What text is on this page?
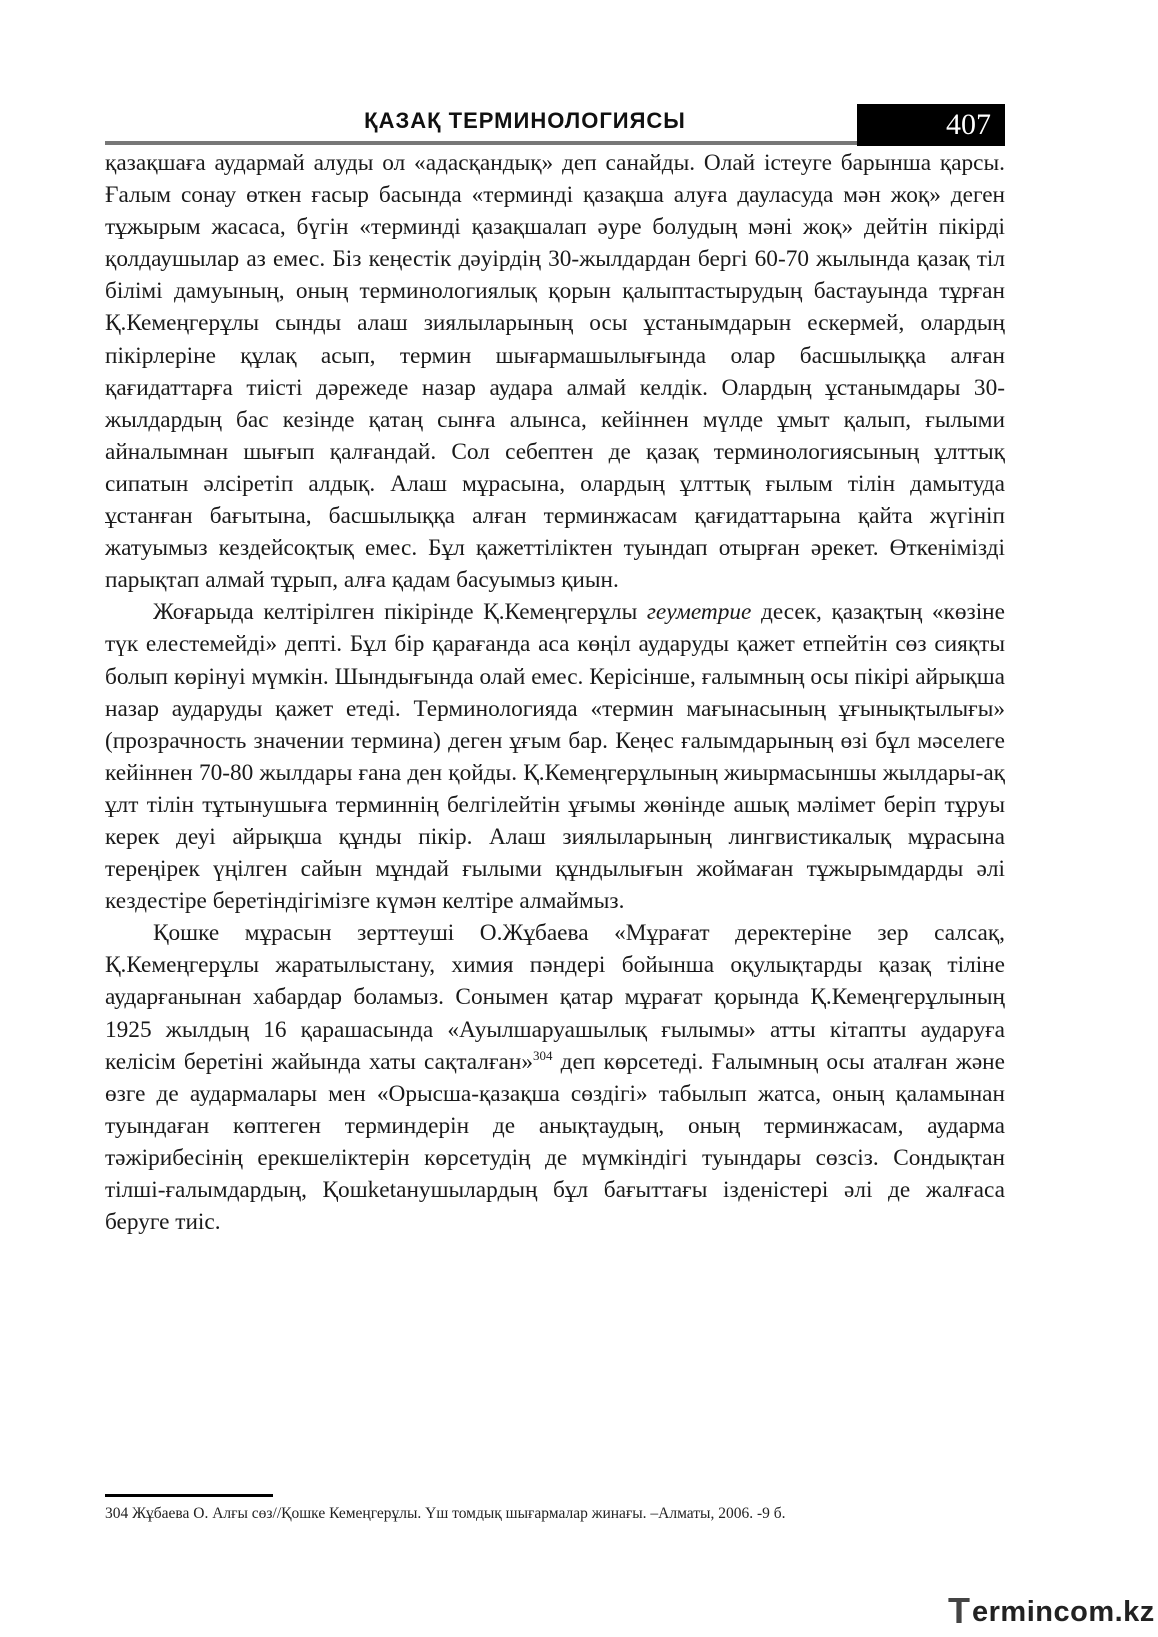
ҚАЗАҚ ТЕРМИНОЛОГИЯСЫ	407

қазақшаға аудармай алуды ол «адасқандық» деп санайды. Олай істеуге барынша қарсы. Ғалым сонау өткен ғасыр басында «терминді қазақша алуға дауласуда мән жоқ» деген тұжырым жасаса, бүгін «терминді қазақшалап әуре болудың мәні жоқ» дейтін пікірді қолдаушылар аз емес. Біз кеңестік дәуірдің 30-жылдардан бергі 60-70 жылында қазақ тіл білімі дамуының, оның терминологиялық қорын қалыптастырудың бастауында тұрған Қ.Кемеңгерұлы сынды алаш зиялыларының осы ұстанымдарын ескермей, олардың пікірлеріне құлақ асып, термин шығармашылығында олар басшылыққа алған қағидаттарға тиісті дәрежеде назар аудара алмай келдік. Олардың ұстанымдары 30-жылдардың бас кезінде қатаң сынға алынса, кейіннен мүлде ұмыт қалып, ғылыми айналымнан шығып қалғандай. Сол себептен де қазақ терминологиясының ұлттық сипатын әлсіретіп алдық. Алаш мұрасына, олардың ұлттық ғылым тілін дамытуда ұстанған бағытына, басшылыққа алған терминжасам қағидаттарына қайта жүгініп жатуымыз кездейсоқтық емес. Бұл қажеттіліктен туындап отырған әрекет. Өткенімізді парықтап алмай тұрып, алға қадам басуымыз қиын.

Жоғарыда келтірілген пікірінде Қ.Кемеңгерұлы геуметрие десек, қазақтың «көзіне түк елестемейді» депті. Бұл бір қарағанда аса көңіл аударуды қажет етпейтін сөз сияқты болып көрінуі мүмкін. Шындығында олай емес. Керісінше, ғалымның осы пікірі айрықша назар аударуды қажет етеді. Терминологияда «термин мағынасының ұғынықтылығы» (прозрачность значении термина) деген ұғым бар. Кеңес ғалымдарының өзі бұл мәселеге кейіннен 70-80 жылдары ғана ден қойды. Қ.Кемеңгерұлының жиырмасыншы жылдары-ақ ұлт тілін тұтынушыға терминнің белгілейтін ұғымы жөнінде ашық мәлімет беріп тұруы керек деуі айрықша құнды пікір. Алаш зиялыларының лингвистикалық мұрасына тереңірек үңілген сайын мұндай ғылыми құндылығын жоймаған тұжырымдарды әлі кездестіре беретіндігімізге күмән келтіре алмаймыз.

Қошке мұрасын зерттеуші О.Жұбаева «Мұрағат деректеріне зер салсақ, Қ.Кемеңгерұлы жаратылыстану, химия пәндері бойынша оқулықтарды қазақ тіліне аударғанынан хабардар боламыз. Сонымен қатар мұрағат қорында Қ.Кемеңгерұлының 1925 жылдың 16 қарашасында «Ауылшаруашылық ғылымы» атты кітапты аударуға келісім беретіні жайында хаты сақталған»$^{304}$ деп көрсетеді. Ғалымның осы аталған және өзге де аудармалары мен «Орысша-қазақша сөздігі» табылып жатса, оның қаламынан туындаған көптеген терминдерін де анықтаудың, оның терминжасам, аударма тәжірибесінің ерекшеліктерін көрсетудің де мүмкіндігі туындары сөзсіз. Сондықтан тілші-ғалымдардың, Қошketанушылардың бұл бағыттағы ізденістері әлі де жалғаса беруге тиіс.

304 Жұбаева О. Алғы сөз//Қошке Кемеңгерұлы. Үш томдық шығармалар жинағы. –Алматы, 2006. -9 б.
T ermincom.kz
